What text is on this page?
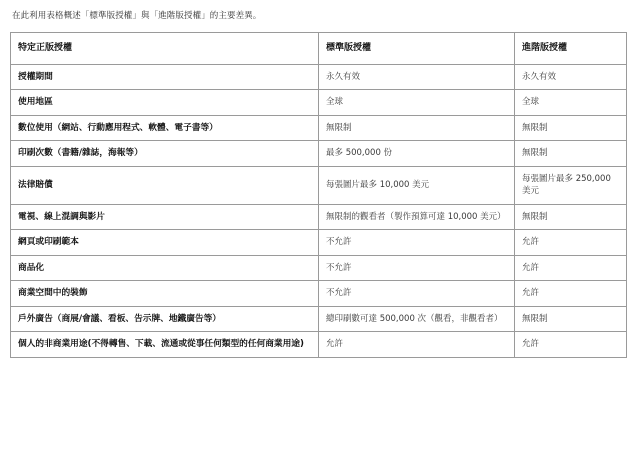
在此利用表格概述「標準版授權」與「進階版授權」的主要差異。

特定正版授權	標準版授權	進階版授權
授權期間	永久有效	永久有效
使用地區	全球	全球
數位使用（網站、行動應用程式、軟體、電子書等）	無限制	無限制
印刷次數（書籍/雜誌，海報等）	最多 500,000 份	無限制
法律賠償	每張圖片最多 10,000 美元	每張圖片最多 250,000 美元
電視、線上混調與影片	無限制的觀看者（製作預算可達 10,000 美元）	無限制
網頁或印刷範本	不允許	允許
商品化	不允許	允許
商業空間中的裝飾	不允許	允許
戶外廣告（商展/會議、看板、告示牌、地鐵廣告等）	總印刷數可達 500,000 次（觀看，非觀看者）	無限制
個人的非商業用途(不得轉售、下載、流通或從事任何類型的任何商業用途)	允許	允許
